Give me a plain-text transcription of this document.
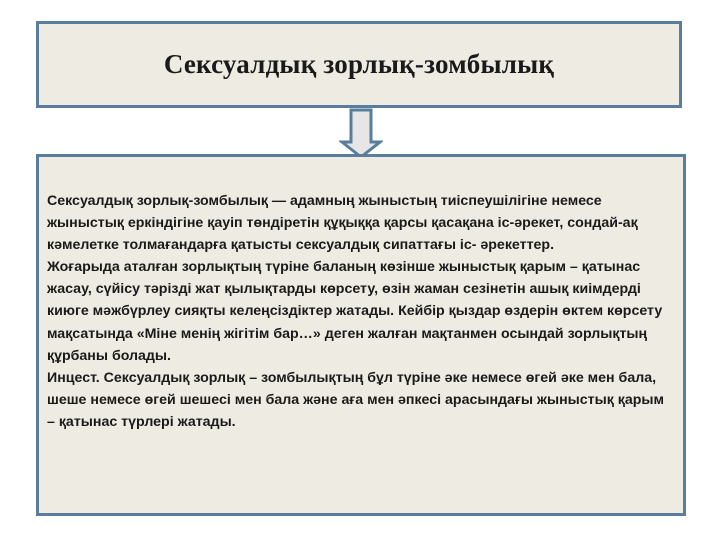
Сексуалдық зорлық-зомбылық

Сексуалдық зорлық-зомбылық — адамның жыныстың тиіспеушілігіне немесе жыныстық еркіндігіне қауіп төндіретін құқыққа қарсы қасақана іс-әрекет, сондай-ақ кәмелетке толмағандарға қатысты сексуалдық сипаттағы іс- әрекеттер.

Жоғарыда аталған зорлықтың түріне баланың көзінше жыныстық қарым – қатынас жасау, сүйісу тәрізді жат қылықтарды көрсету, өзін жаман сезінетін ашық киімдерді киюге мәжбүрлеу сияқты келеңсіздіктер жатады. Кейбір қыздар өздерін өктем көрсету мақсатында «Міне менің жігітім бар…» деген жалған мақтанмен осындай зорлықтың құрбаны болады.

Инцест. Сексуалдық зорлық – зомбылықтың бұл түріне әке немесе өгей әке мен бала, шеше немесе өгей шешесі мен бала және аға мен әпкесі арасындағы жыныстық қарым – қатынас түрлері жатады.
